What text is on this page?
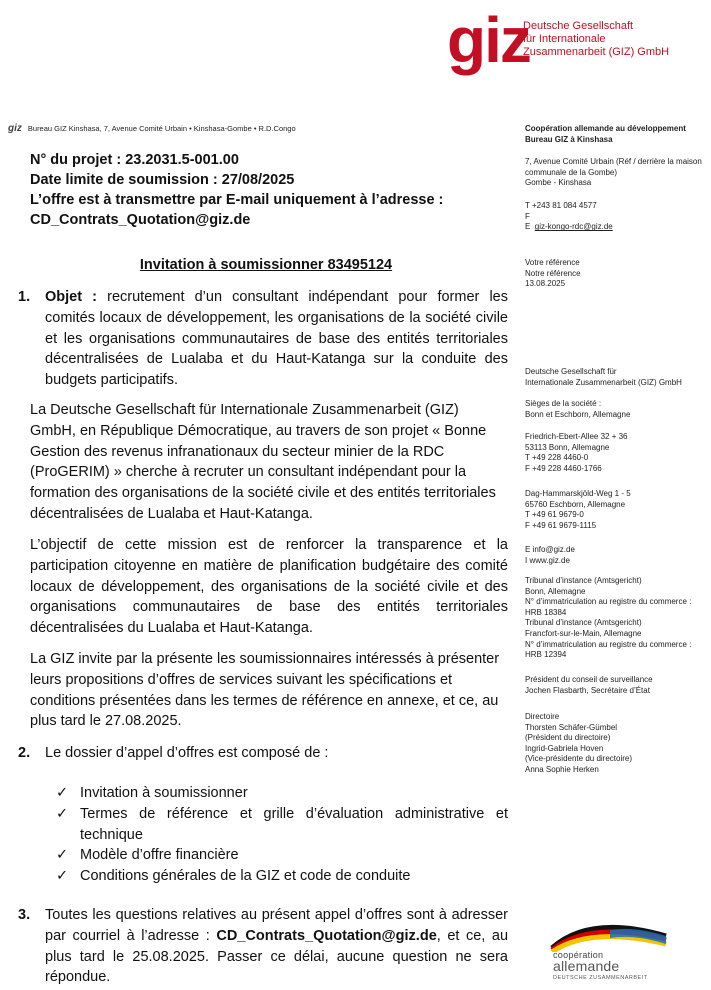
giz
Deutsche Gesellschaft
für Internationale
Zusammenarbeit (GIZ) GmbH
giz Bureau GIZ Kinshasa, 7, Avenue Comité Urbain • Kinshasa-Gombe • R.D.Congo	Coopération allemande au développement
Bureau GIZ à Kinshasa
7, Avenue Comité Urbain (Réf / derrière la maison
communale de la Gombe)
Gombe - Kinshasa
T +243 81 084 4577
F
E  giz-kongo-rdc@giz.de
Votre référence
Notre référence
13.08.2025
Deutsche Gesellschaft für
Internationale Zusammenarbeit (GIZ) GmbH
Sièges de la société :
Bonn et Eschborn, Allemagne
Friedrich-Ebert-Allee 32 + 36
53113 Bonn, Allemagne
T +49 228 4460-0
F +49 228 4460-1766
Dag-Hammarskjöld-Weg 1 - 5
65760 Eschborn, Allemagne
T +49 61 9679-0
F +49 61 9679-1115
E info@giz.de
I www.giz.de
Tribunal d’instance (Amtsgericht)
Bonn, Allemagne
N° d’immatriculation au registre du commerce :
HRB 18384
Tribunal d’instance (Amtsgericht)
Francfort-sur-le-Main, Allemagne
N° d’immatriculation au registre du commerce :
HRB 12394
Président du conseil de surveillance
Jochen Flasbarth, Secrétaire d’État
Directoire
Thorsten Schäfer-Gümbel
(Président du directoire)
Ingrid-Gabriela Hoven
(Vice-présidente du directoire)
Anna Sophie Herken
N° du projet : 23.2031.5-001.00
Date limite de soumission : 27/08/2025
L’offre est à transmettre par E-mail uniquement à l’adresse :
CD_Contrats_Quotation@giz.de
Invitation à soumissionner 83495124
1. Objet : recrutement d’un consultant indépendant pour former les comités locaux de développement, les organisations de la société civile et les organisations communautaires de base des entités territoriales décentralisées de Lualaba et du Haut-Katanga sur la conduite des budgets participatifs.
La Deutsche Gesellschaft für Internationale Zusammenarbeit (GIZ) GmbH, en République Démocratique, au travers de son projet « Bonne Gestion des revenus infranationaux du secteur minier de la RDC (ProGERIM) » cherche à recruter un consultant indépendant pour la formation des organisations de la société civile et des entités territoriales décentralisées de Lualaba et Haut-Katanga.
L’objectif de cette mission est de renforcer la transparence et la participation citoyenne en matière de planification budgétaire des comité locaux de développement, des organisations de la société civile et des organisations communautaires de base des entités territoriales décentralisées du Lualaba et Haut-Katanga.
La GIZ invite par la présente les soumissionnaires intéressés à présenter leurs propositions d’offres de services suivant les spécifications et conditions présentées dans les termes de référence en annexe, et ce, au plus tard le 27.08.2025.
2. Le dossier d’appel d’offres est composé de :
✓ Invitation à soumissionner
✓ Termes de référence et grille d’évaluation administrative et technique
✓ Modèle d’offre financière
✓ Conditions générales de la GIZ et code de conduite
3. Toutes les questions relatives au présent appel d’offres sont à adresser par courriel à l’adresse : CD_Contrats_Quotation@giz.de, et ce, au plus tard le 25.08.2025. Passer ce délai, aucune question ne sera répondue.
coopération
allemande
DEUTSCHE ZUSAMMENARBEIT
